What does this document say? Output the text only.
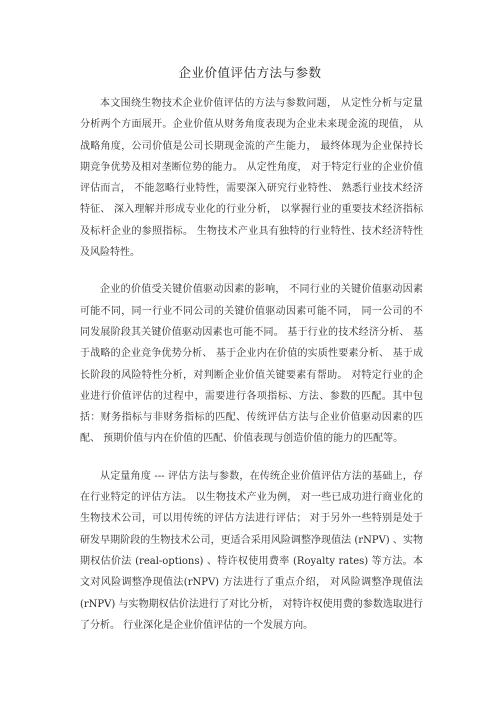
企业价值评估方法与参数

本文围绕生物技术企业价值评估的方法与参数问题， 从定性分析与定量分析两个方面展开。企业价值从财务角度表现为企业未来现金流的现值， 从战略角度，公司价值是公司长期现金流的产生能力， 最终体现为企业保持长期竞争优势及相对垄断位势的能力。 从定性角度， 对于特定行业的企业价值评估而言， 不能忽略行业特性，需要深入研究行业特性、 熟悉行业技术经济特征、 深入理解并形成专业化的行业分析， 以掌握行业的重要技术经济指标及标杆企业的参照指标。 生物技术产业具有独特的行业特性、技术经济特性及风险特性。

企业的价值受关键价值驱动因素的影响， 不同行业的关键价值驱动因素可能不同，同一行业不同公司的关键价值驱动因素可能不同， 同一公司的不同发展阶段其关键价值驱动因素也可能不同。 基于行业的技术经济分析、 基于战略的企业竞争优势分析、 基于企业内在价值的实质性要素分析、 基于成长阶段的风险特性分析，对判断企业价值关键要素有帮助。 对特定行业的企业进行价值评估的过程中，需要进行各项指标、方法、参数的匹配。其中包括：财务指标与非财务指标的匹配、传统评估方法与企业价值驱动因素的匹配、 预期价值与内在价值的匹配、价值表现与创造价值的能力的匹配等。

从定量角度 --- 评估方法与参数，在传统企业价值评估方法的基础上，存在行业特定的评估方法。 以生物技术产业为例， 对一些已成功进行商业化的生物技术公司，可以用传统的评估方法进行评估； 对于另外一些特别是处于研发早期阶段的生物技术公司，更适合采用风险调整净现值法 (rNPV) 、实物期权估价法 (real-options) 、特许权使用费率 (Royalty rates) 等方法。本文对风险调整净现值法(rNPV) 方法进行了重点介绍， 对风险调整净现值法 (rNPV) 与实物期权估价法进行了对比分析， 对特许权使用费的参数选取进行了分析。 行业深化是企业价值评估的一个发展方向。
